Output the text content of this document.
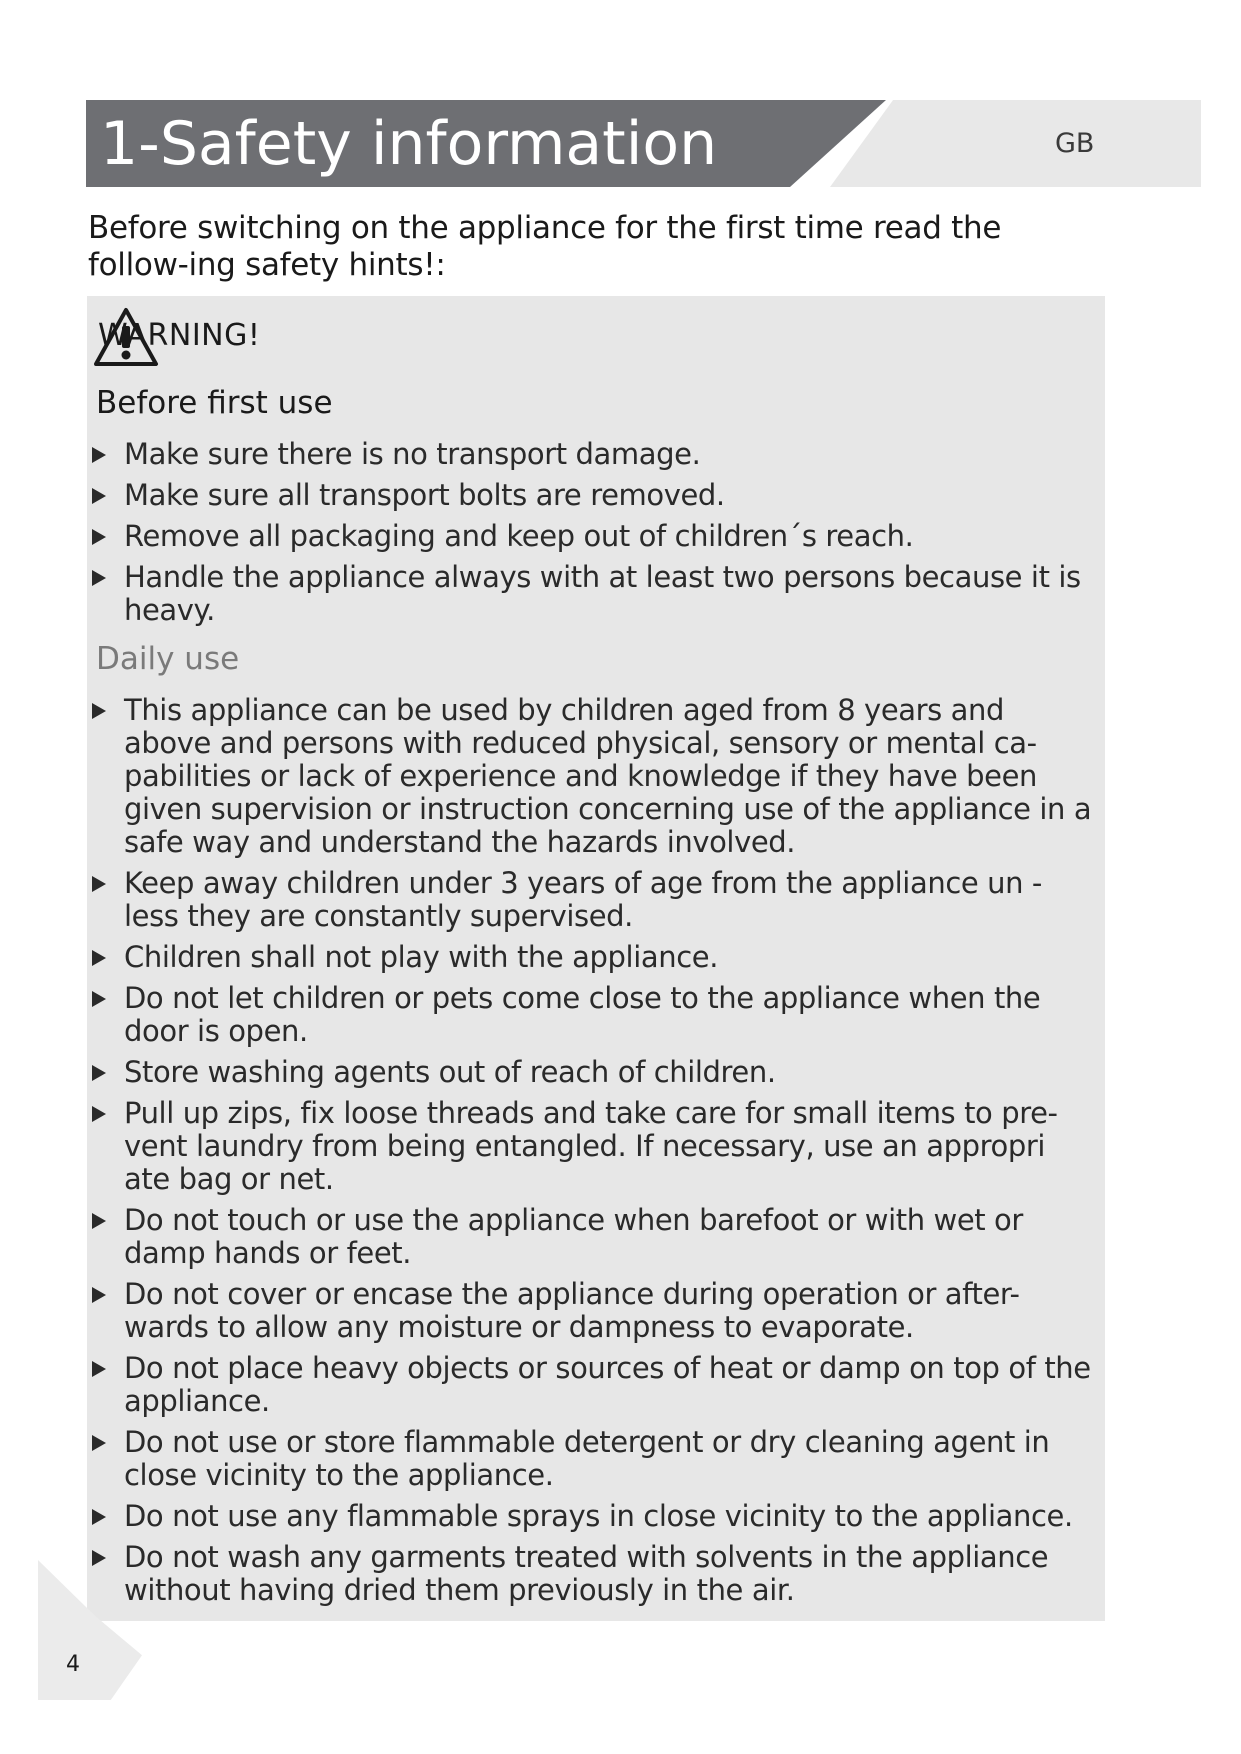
1-Safety information	GB
Before switching on the appliance for the first time read the follow-ing safety hints!:
WARNING!
Before first use
Make sure there is no transport damage.
Make sure all transport bolts are removed.
Remove all packaging and keep out of children´s reach.
Handle the appliance always with at least two persons because it is heavy.
Daily use
This appliance can be used by children aged from 8 years and above and persons with reduced physical, sensory or mental ca-pabilities or lack of experience and knowledge if they have been given supervision or instruction concerning use of the appliance in a safe way and understand the hazards involved.
Keep away children under 3 years of age from the appliance un - less they are constantly supervised.
Children shall not play with the appliance.
Do not let children or pets come close to the appliance when the door is open.
Store washing agents out of reach of children.
Pull up zips, fix loose threads and take care for small items to pre-vent laundry from being entangled. If necessary, use an appropri ate bag or net.
Do not touch or use the appliance when barefoot or with wet or damp hands or feet.
Do not cover or encase the appliance during operation or after-wards to allow any moisture or dampness to evaporate.
Do not place heavy objects or sources of heat or damp on top of the appliance.
Do not use or store flammable detergent or dry cleaning agent in close vicinity to the appliance.
Do not use any flammable sprays in close vicinity to the appliance.
Do not wash any garments treated with solvents in the appliance without having dried them previously in the air.
4
